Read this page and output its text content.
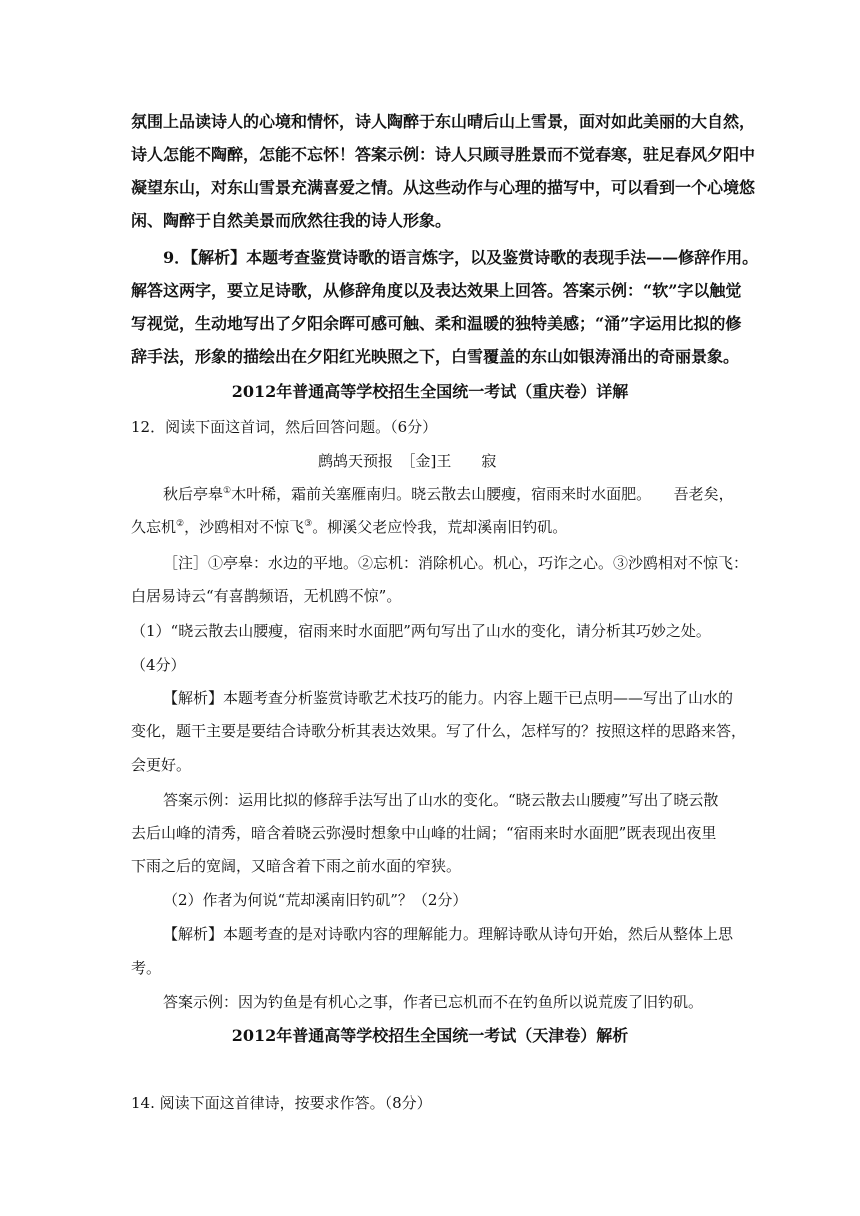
氛围上品读诗人的心境和情怀，诗人陶醉于东山晴后山上雪景，面对如此美丽的大自然，
诗人怎能不陶醉，怎能不忘怀！答案示例：诗人只顾寻胜景而不觉春寒，驻足春风夕阳中
凝望东山，对东山雪景充满喜爱之情。从这些动作与心理的描写中，可以看到一个心境悠
闲、陶醉于自然美景而欣然往我的诗人形象。
9．【解析】本题考查鉴赏诗歌的语言炼字，以及鉴赏诗歌的表现手法——修辞作用。
解答这两字，要立足诗歌，从修辞角度以及表达效果上回答。答案示例：“软”字以触觉
写视觉，生动地写出了夕阳余晖可感可触、柔和温暖的独特美感；“涌”字运用比拟的修
辞手法，形象的描绘出在夕阳红光映照之下，白雪覆盖的东山如银涛涌出的奇丽景象。
2012年普通高等学校招生全国统一考试（重庆卷）详解
12．阅读下面这首词，然后回答问题。（6分）
鹧鸪天预报　［金]王　　寂
秋后亭皋①木叶稀，霜前关塞雁南归。晓云散去山腰瘦，宿雨来时水面肥。　　吾老矣，
久忘机②，沙鸥相对不惊飞③。柳溪父老应怜我，荒却溪南旧钓矶。
［注］①亭皋：水边的平地。②忘机：消除机心。机心，巧诈之心。③沙鸥相对不惊飞：
白居易诗云“有喜鹊频语，无机鸥不惊”。
（1）“晓云散去山腰瘦，宿雨来时水面肥”两句写出了山水的变化，请分析其巧妙之处。
（4分）
【解析】本题考查分析鉴赏诗歌艺术技巧的能力。内容上题干已点明——写出了山水的
变化，题干主要是要结合诗歌分析其表达效果。写了什么，怎样写的？按照这样的思路来答，
会更好。
答案示例：运用比拟的修辞手法写出了山水的变化。“晓云散去山腰瘦”写出了晓云散
去后山峰的清秀，暗含着晓云弥漫时想象中山峰的壮阔；“宿雨来时水面肥”既表现出夜里
下雨之后的宽阔，又暗含着下雨之前水面的窄狭。
（2）作者为何说“荒却溪南旧钓矶”？（2分）
【解析】本题考查的是对诗歌内容的理解能力。理解诗歌从诗句开始，然后从整体上思
考。
答案示例：因为钓鱼是有机心之事，作者已忘机而不在钓鱼所以说荒废了旧钓矶。
2012年普通高等学校招生全国统一考试（天津卷）解析
14. 阅读下面这首律诗，按要求作答。（8分）
